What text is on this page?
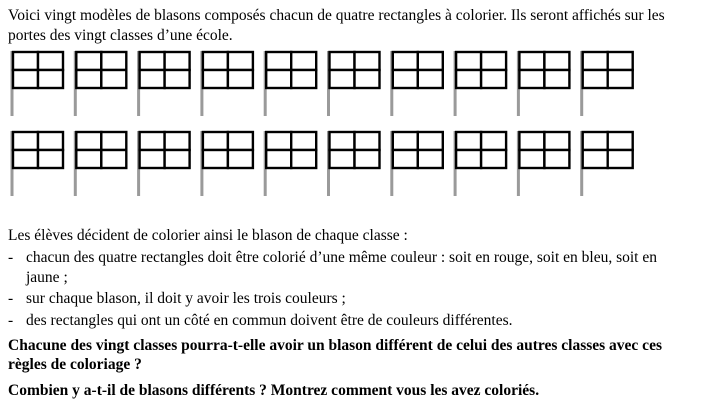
Voici vingt modèles de blasons composés chacun de quatre rectangles à colorier. Ils seront affichés sur les portes des vingt classes d’une école.
Les élèves décident de colorier ainsi le blason de chaque classe :
- chacun des quatre rectangles doit être colorié d’une même couleur : soit en rouge, soit en bleu, soit en jaune ;
- sur chaque blason, il doit y avoir les trois couleurs ;
- des rectangles qui ont un côté en commun doivent être de couleurs différentes.
Chacune des vingt classes pourra-t-elle avoir un blason différent de celui des autres classes avec ces règles de coloriage ?
Combien y a-t-il de blasons différents ? Montrez comment vous les avez coloriés.
